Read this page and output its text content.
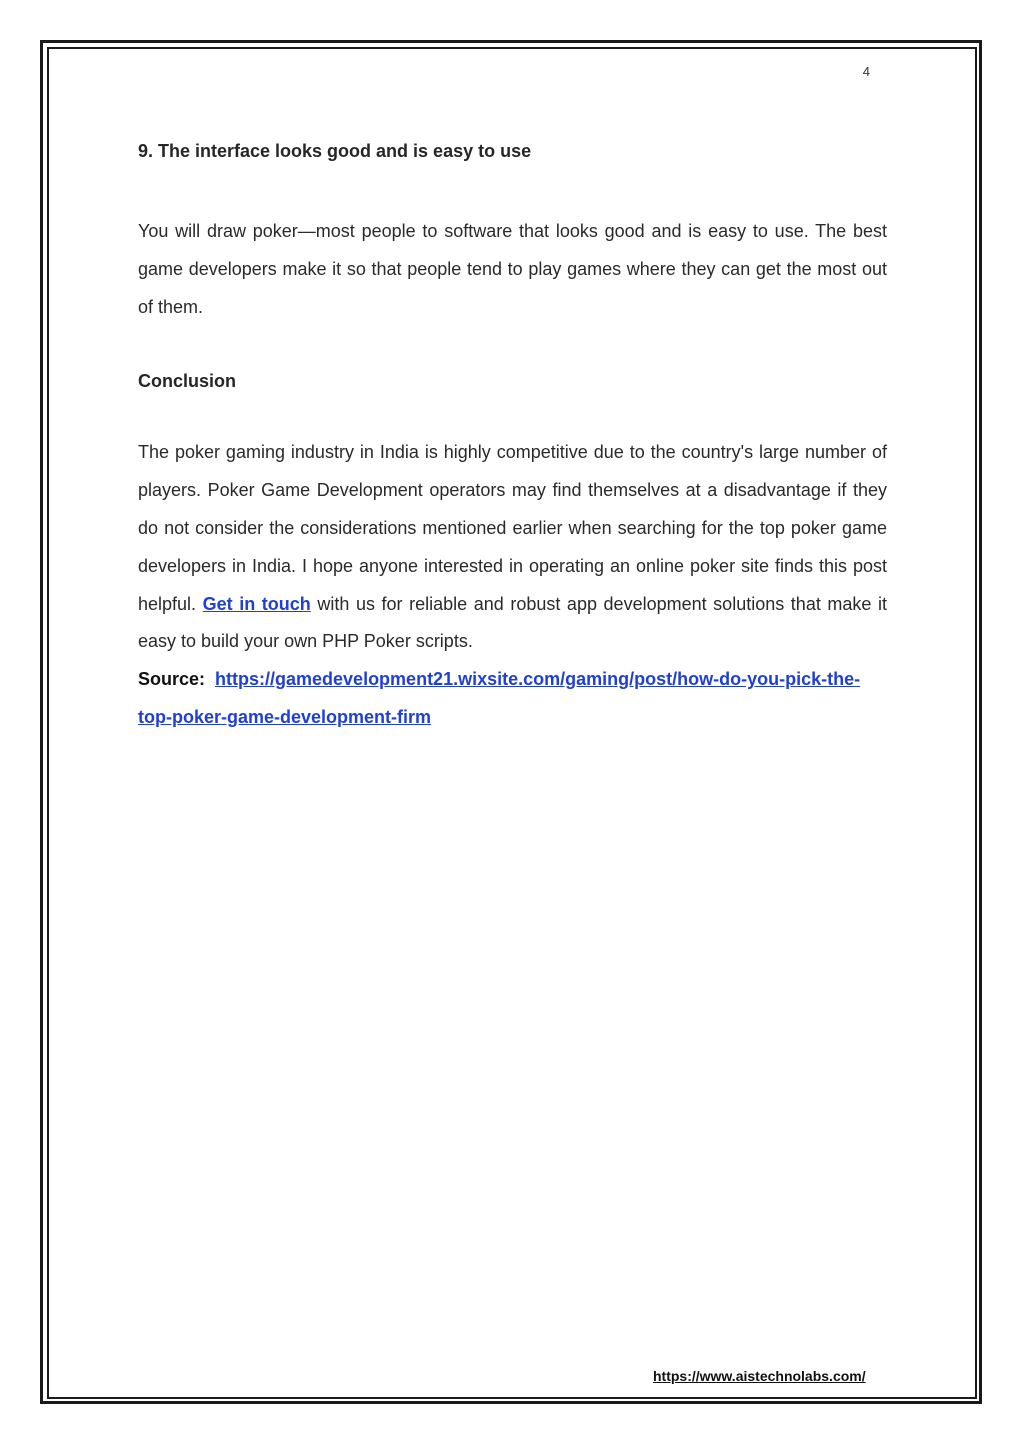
4

9. The interface looks good and is easy to use

You will draw poker—most people to software that looks good and is easy to use. The best game developers make it so that people tend to play games where they can get the most out of them.

Conclusion

The poker gaming industry in India is highly competitive due to the country's large number of players. Poker Game Development operators may find themselves at a disadvantage if they do not consider the considerations mentioned earlier when searching for the top poker game developers in India. I hope anyone interested in operating an online poker site finds this post helpful. Get in touch with us for reliable and robust app development solutions that make it easy to build your own PHP Poker scripts.

Source: https://gamedevelopment21.wixsite.com/gaming/post/how-do-you-pick-the-top-poker-game-development-firm

https://www.aistechnolabs.com/
